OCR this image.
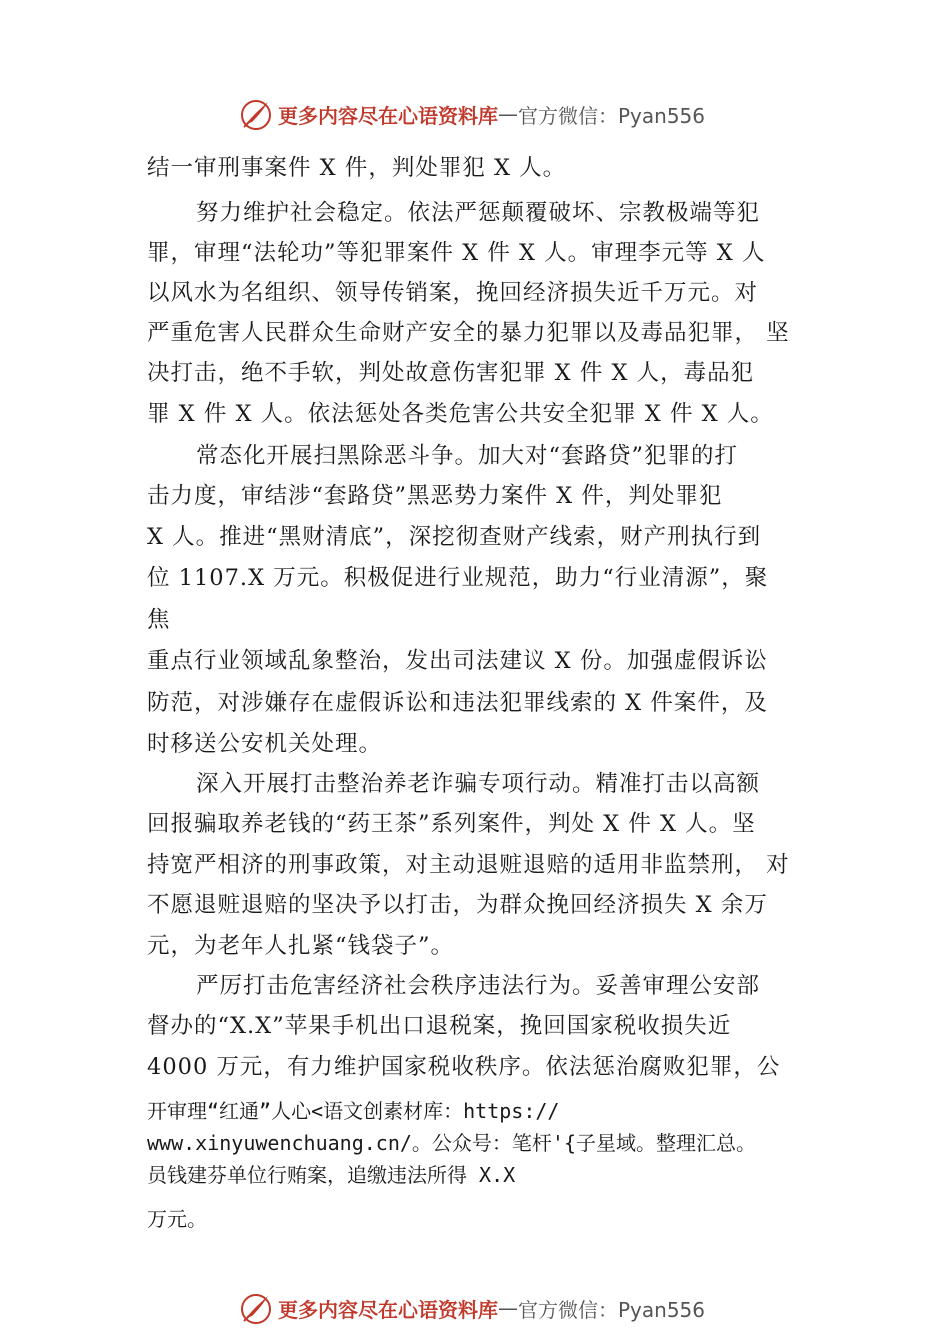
更多内容尽在心语资料库 — 官方微信：Pyan556
结一审刑事案件 X 件，判处罪犯 X 人。
努力维护社会稳定。依法严惩颠覆破坏、宗教极端等犯
罪，审理“法轮功”等犯罪案件 X 件 X 人。审理李元等 X 人
以风水为名组织、领导传销案，挽回经济损失近千万元。对
严重危害人民群众生命财产安全的暴力犯罪以及毒品犯罪， 坚
决打击，绝不手软，判处故意伤害犯罪 X 件 X 人，毒品犯
罪 X 件 X 人。依法惩处各类危害公共安全犯罪 X 件 X 人。
常态化开展扫黑除恶斗争。加大对“套路贷”犯罪的打
击力度，审结涉“套路贷”黑恶势力案件 X 件，判处罪犯
X 人。推进“黑财清底”，深挖彻查财产线索，财产刑执行到
位 1107.X 万元。积极促进行业规范，助力“行业清源”，聚
焦
重点行业领域乱象整治，发出司法建议 X 份。加强虚假诉讼
防范，对涉嫌存在虚假诉讼和违法犯罪线索的 X 件案件，及
时移送公安机关处理。
深入开展打击整治养老诈骗专项行动。精准打击以高额
回报骗取养老钱的“药王茶”系列案件，判处 X 件 X 人。坚
持宽严相济的刑事政策，对主动退赃退赔的适用非监禁刑， 对
不愿退赃退赔的坚决予以打击，为群众挽回经济损失 X 余万
元，为老年人扎紧“钱袋子”。
严厉打击危害经济社会秩序违法行为。妥善审理公安部
督办的“X.X”苹果手机出口退税案，挽回国家税收损失近
4000 万元，有力维护国家税收秩序。依法惩治腐败犯罪，公
开审理“红通”人心<语文创素材库：https://
www.xinyuwenchuang.cn/。公众号：笔杆'{子星域。整理汇总。
员钱建芬单位行贿案，追缴违法所得 X.X
万元。
更多内容尽在心语资料库 — 官方微信：Pyan556
